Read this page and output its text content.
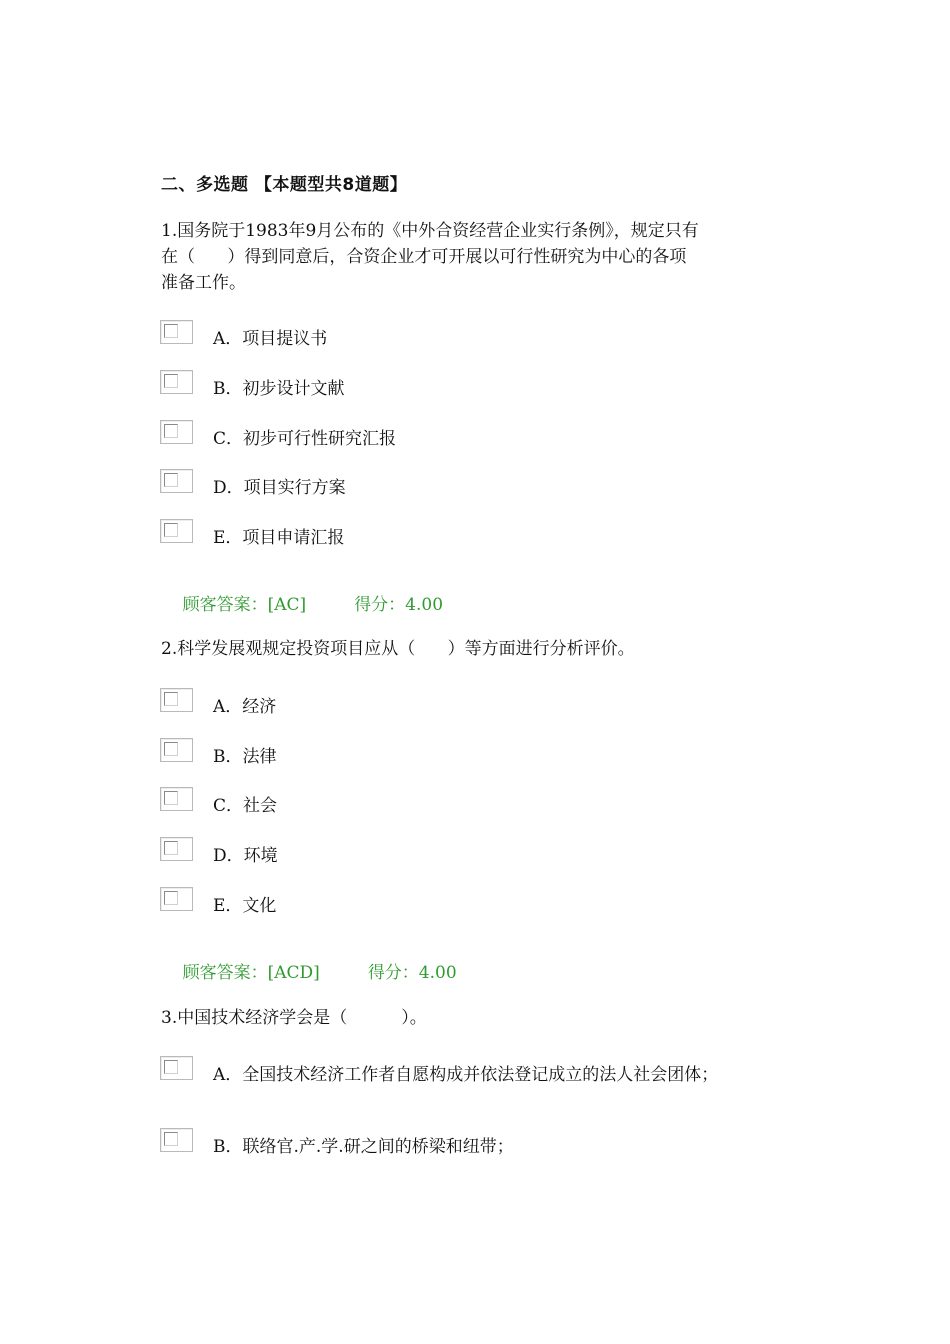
二、多选题 【本题型共8道题】
1.国务院于1983年9月公布的《中外合资经营企业实行条例》，规定只有
在（      ）得到同意后，合资企业才可开展以可行性研究为中心的各项
准备工作。
A．项目提议书
B．初步设计文献
C．初步可行性研究汇报
D．项目实行方案
E．项目申请汇报

顾客答案：[AC]	得分：4.00

2.科学发展观规定投资项目应从（      ）等方面进行分析评价。
A．经济
B．法律
C．社会
D．环境
E．文化

顾客答案：[ACD]	得分：4.00

3.中国技术经济学会是（          ）。
A．全国技术经济工作者自愿构成并依法登记成立的法人社会团体；
B．联络官.产.学.研之间的桥梁和纽带；
